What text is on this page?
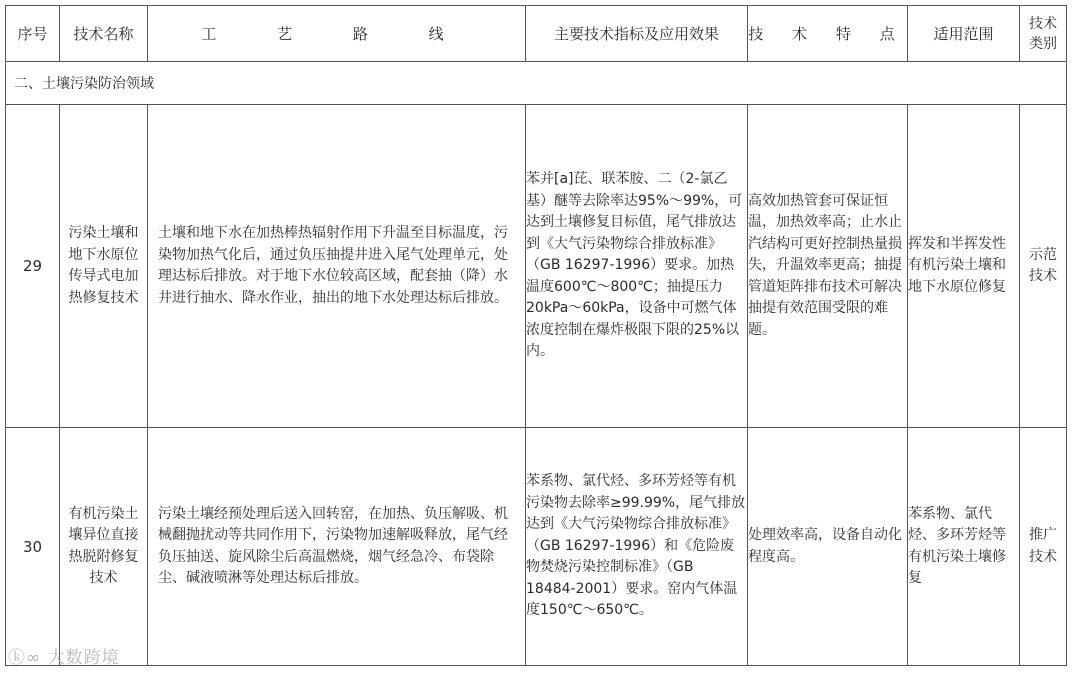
序号	技术名称	工 艺 路 线	主要技术指标及应用效果	技 术 特 点	适用范围	技术类别
二、土壤污染防治领域						
29	污染土壤和地下水原位传导式电加热修复技术	土壤和地下水在加热棒热辐射作用下升温至目标温度，污染物加热气化后，通过负压抽提井进入尾气处理单元，处理达标后排放。对于地下水位较高区域，配套抽（降）水井进行抽水、降水作业，抽出的地下水处理达标后排放。	苯并[a]芘、联苯胺、二（2-氯乙基）醚等去除率达95%～99%，可达到土壤修复目标值，尾气排放达到《大气污染物综合排放标准》（GB 16297-1996）要求。加热温度600℃～800℃；抽提压力20kPa～60kPa，设备中可燃气体浓度控制在爆炸极限下限的25%以内。	高效加热管套可保证恒温，加热效率高；止水止汽结构可更好控制热量损失，升温效率更高；抽提管道矩阵排布技术可解决抽提有效范围受限的难题。	挥发和半挥发性有机污染土壤和地下水原位修复	示范技术
30	有机污染土壤异位直接热脱附修复技术	污染土壤经预处理后送入回转窑，在加热、负压解吸、机械翻抛扰动等共同作用下，污染物加速解吸释放，尾气经负压抽送、旋风除尘后高温燃烧，烟气经急冷、布袋除尘、碱液喷淋等处理达标后排放。	苯系物、氯代烃、多环芳烃等有机污染物去除率≥99.99%，尾气排放达到《大气污染物综合排放标准》（GB 16297-1996）和《危险废物焚烧污染控制标准》（GB 18484-2001）要求。窑内气体温度150℃～650℃。	处理效率高，设备自动化程度高。	苯系物、氯代烃、多环芳烃等有机污染土壤修复	推广技术
ⓚ∞ 大数跨境
